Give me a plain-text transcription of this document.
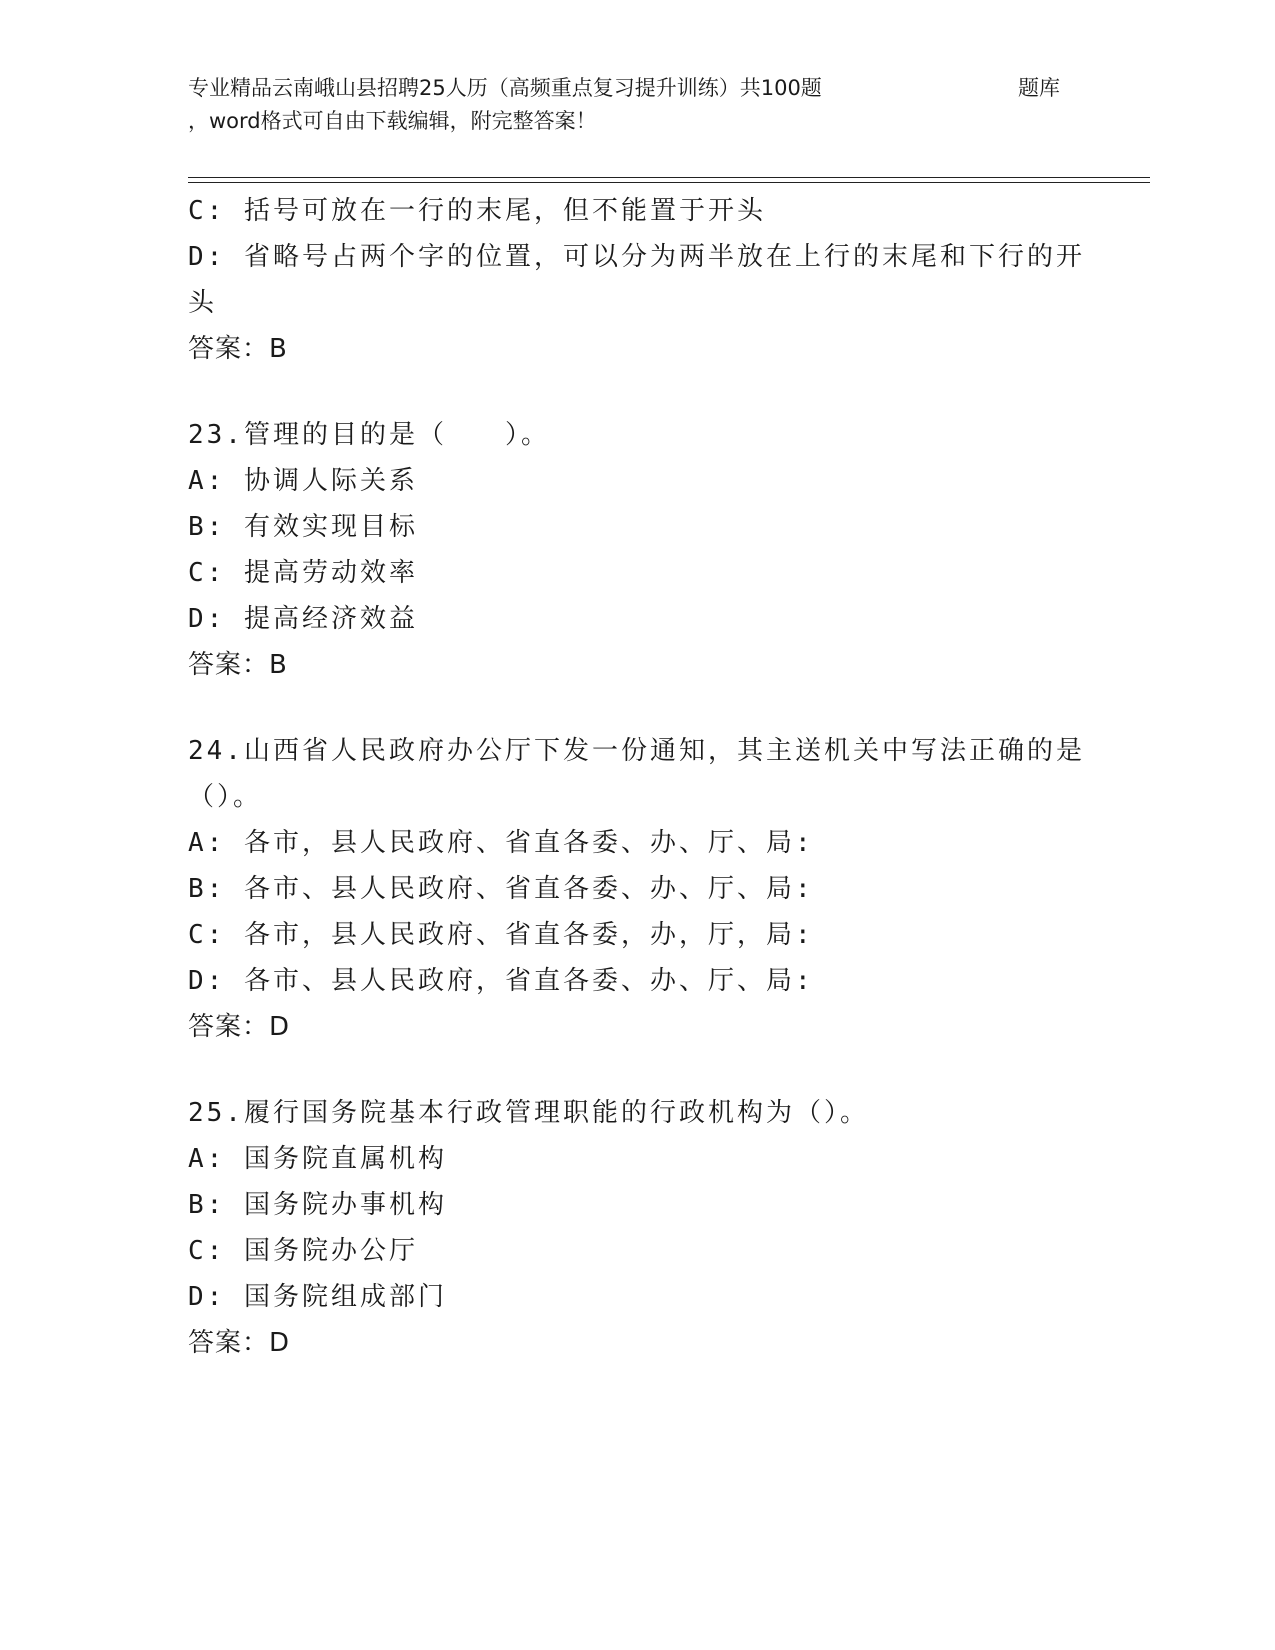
专业精品云南峨山县招聘25人历（高频重点复习提升训练）共100题	题库
，word格式可自由下载编辑，附完整答案！
C: 括号可放在一行的末尾，但不能置于开头
D: 省略号占两个字的位置，可以分为两半放在上行的末尾和下行的开头
答案：B
23.管理的目的是（　　）。
A: 协调人际关系
B: 有效实现目标
C: 提高劳动效率
D: 提高经济效益
答案：B
24.山西省人民政府办公厅下发一份通知，其主送机关中写法正确的是（）。
A: 各市，县人民政府、省直各委、办、厅、局:
B: 各市、县人民政府、省直各委、办、厅、局:
C: 各市，县人民政府、省直各委，办，厅，局:
D: 各市、县人民政府，省直各委、办、厅、局:
答案：D
25.履行国务院基本行政管理职能的行政机构为（）。
A: 国务院直属机构
B: 国务院办事机构
C: 国务院办公厅
D: 国务院组成部门
答案：D
